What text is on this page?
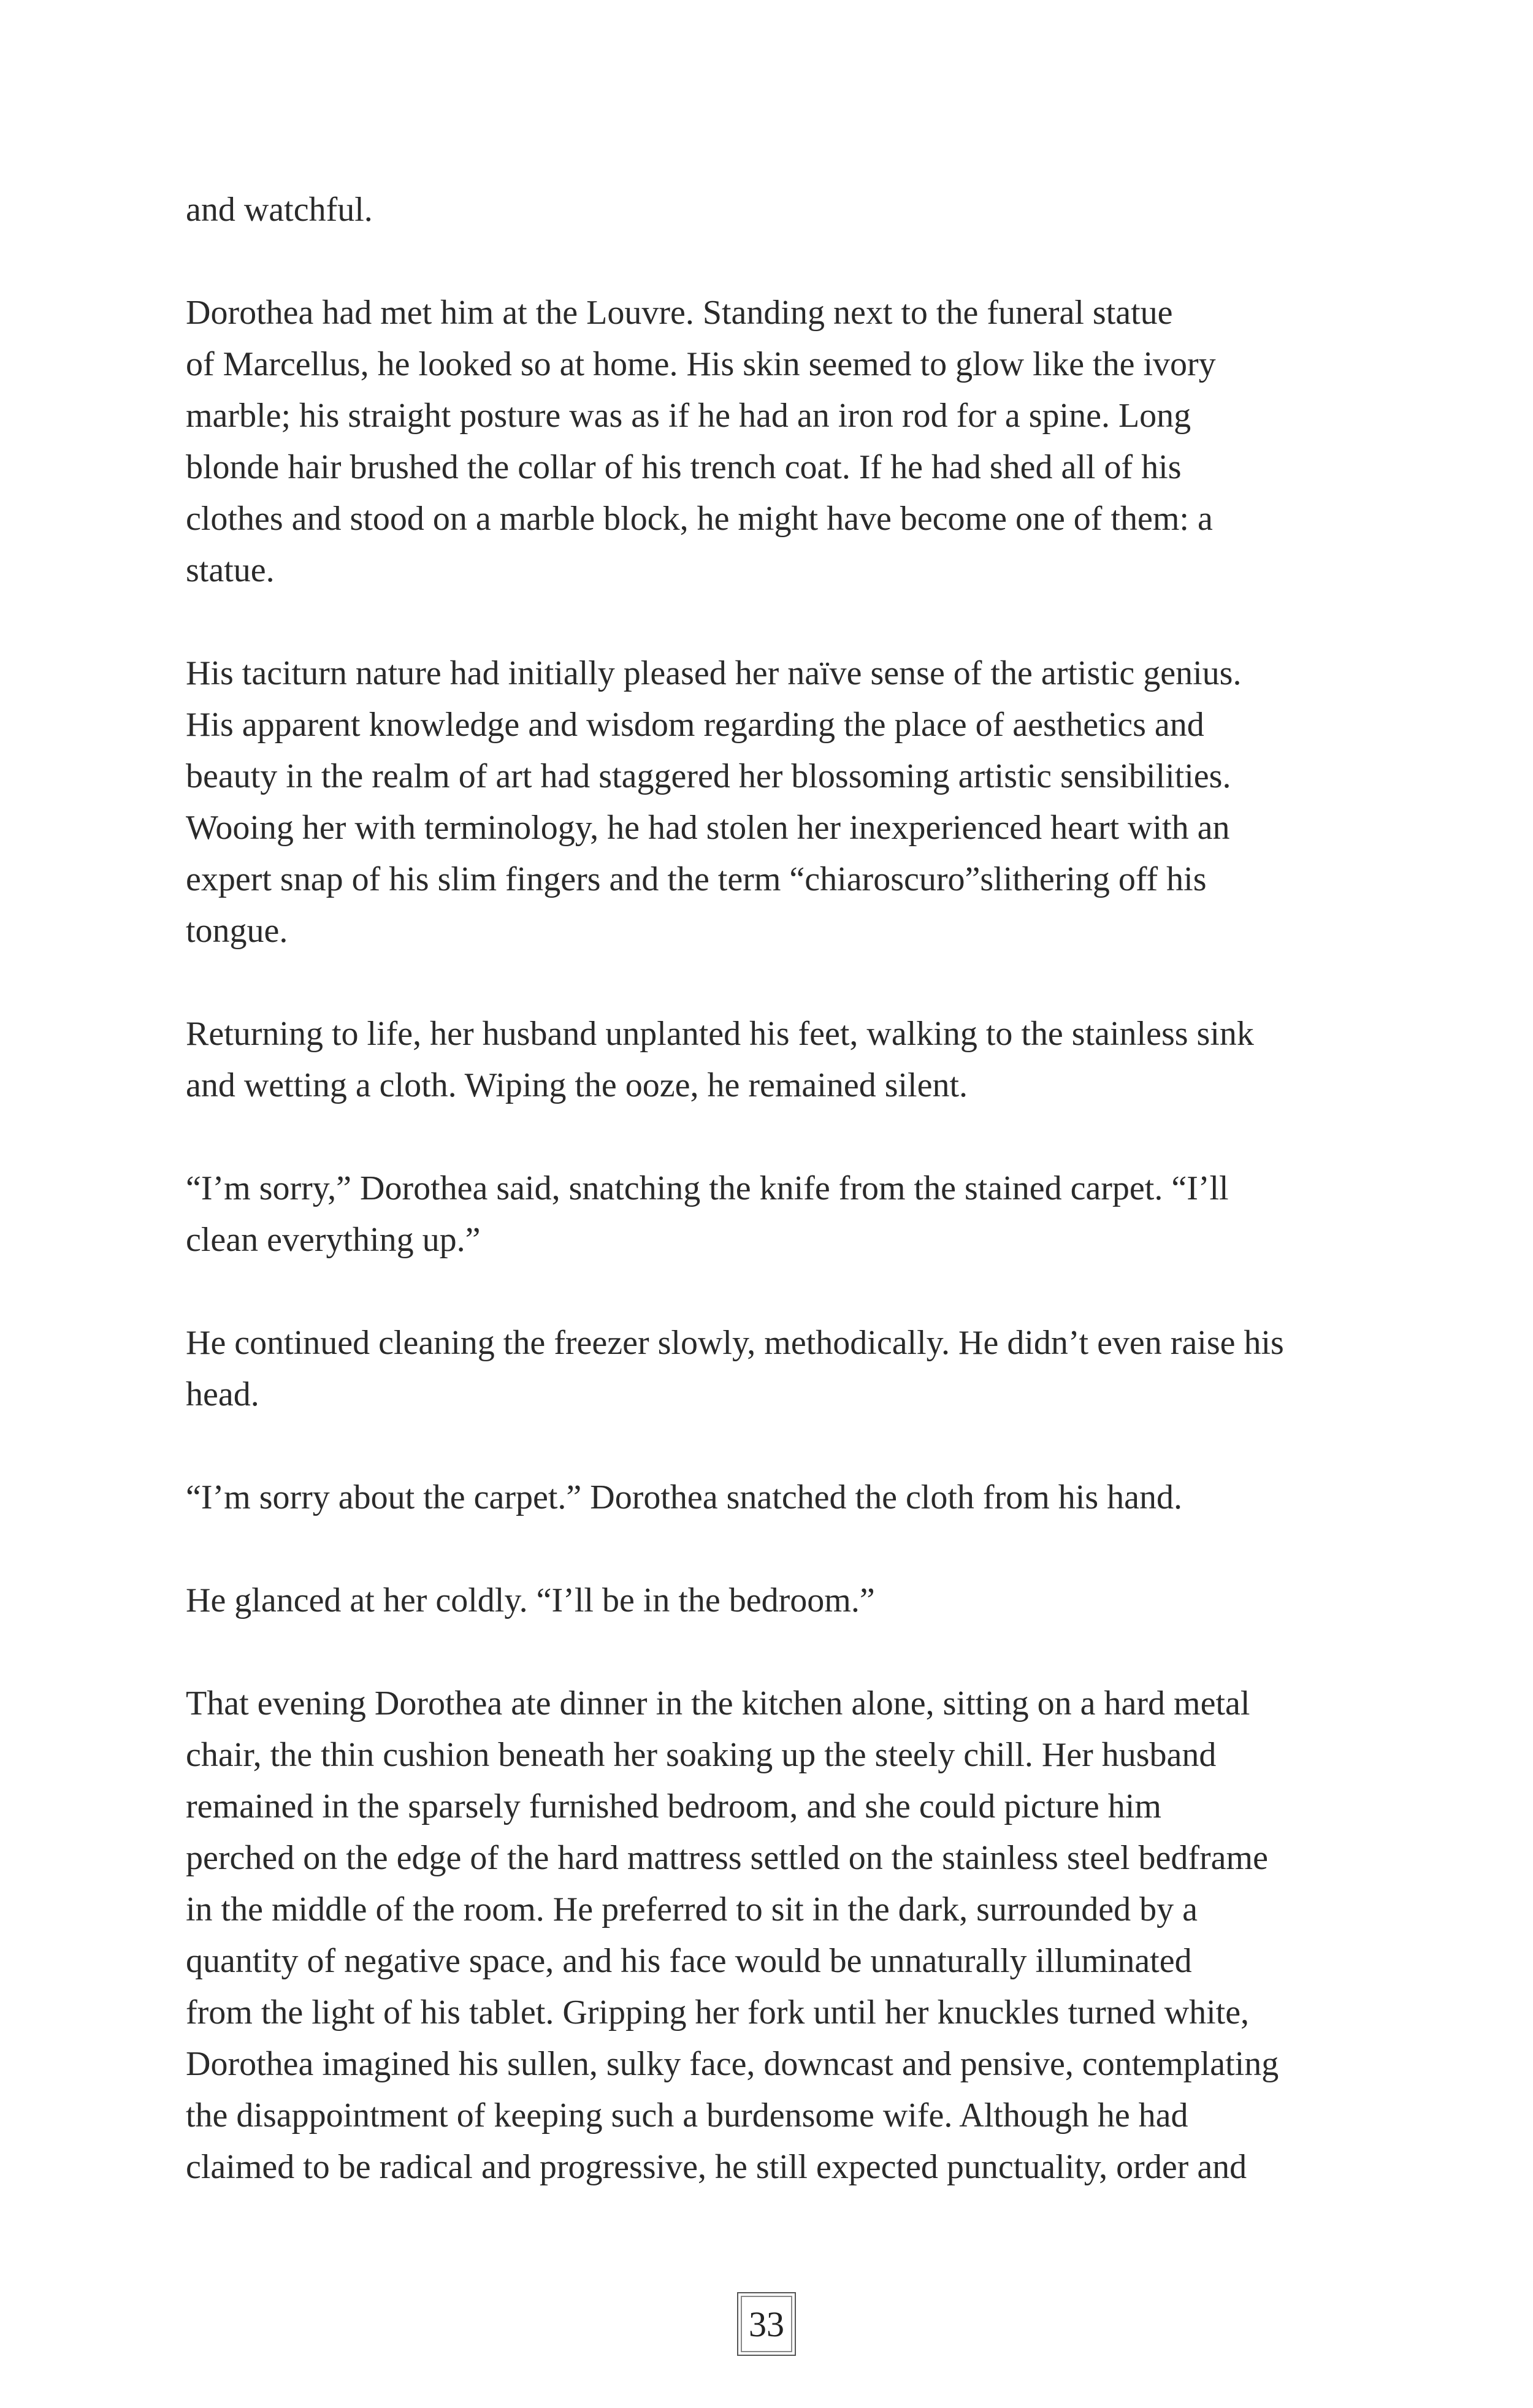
and watchful.

Dorothea had met him at the Louvre. Standing next to the funeral statue
of Marcellus, he looked so at home. His skin seemed to glow like the ivory
marble; his straight posture was as if he had an iron rod for a spine. Long
blonde hair brushed the collar of his trench coat. If he had shed all of his
clothes and stood on a marble block, he might have become one of them: a
statue.

His taciturn nature had initially pleased her naïve sense of the artistic genius.
His apparent knowledge and wisdom regarding the place of aesthetics and
beauty in the realm of art had staggered her blossoming artistic sensibilities.
Wooing her with terminology, he had stolen her inexperienced heart with an
expert snap of his slim fingers and the term “chiaroscuro”slithering off his
tongue.

Returning to life, her husband unplanted his feet, walking to the stainless sink
and wetting a cloth. Wiping the ooze, he remained silent.

“I’m sorry,” Dorothea said, snatching the knife from the stained carpet. “I’ll
clean everything up.”

He continued cleaning the freezer slowly, methodically. He didn’t even raise his
head.

“I’m sorry about the carpet.” Dorothea snatched the cloth from his hand.

He glanced at her coldly. “I’ll be in the bedroom.”

That evening Dorothea ate dinner in the kitchen alone, sitting on a hard metal
chair, the thin cushion beneath her soaking up the steely chill. Her husband
remained in the sparsely furnished bedroom, and she could picture him
perched on the edge of the hard mattress settled on the stainless steel bedframe
in the middle of the room. He preferred to sit in the dark, surrounded by a
quantity of negative space, and his face would be unnaturally illuminated
from the light of his tablet. Gripping her fork until her knuckles turned white,
Dorothea imagined his sullen, sulky face, downcast and pensive, contemplating
the disappointment of keeping such a burdensome wife. Although he had
claimed to be radical and progressive, he still expected punctuality, order and

33
